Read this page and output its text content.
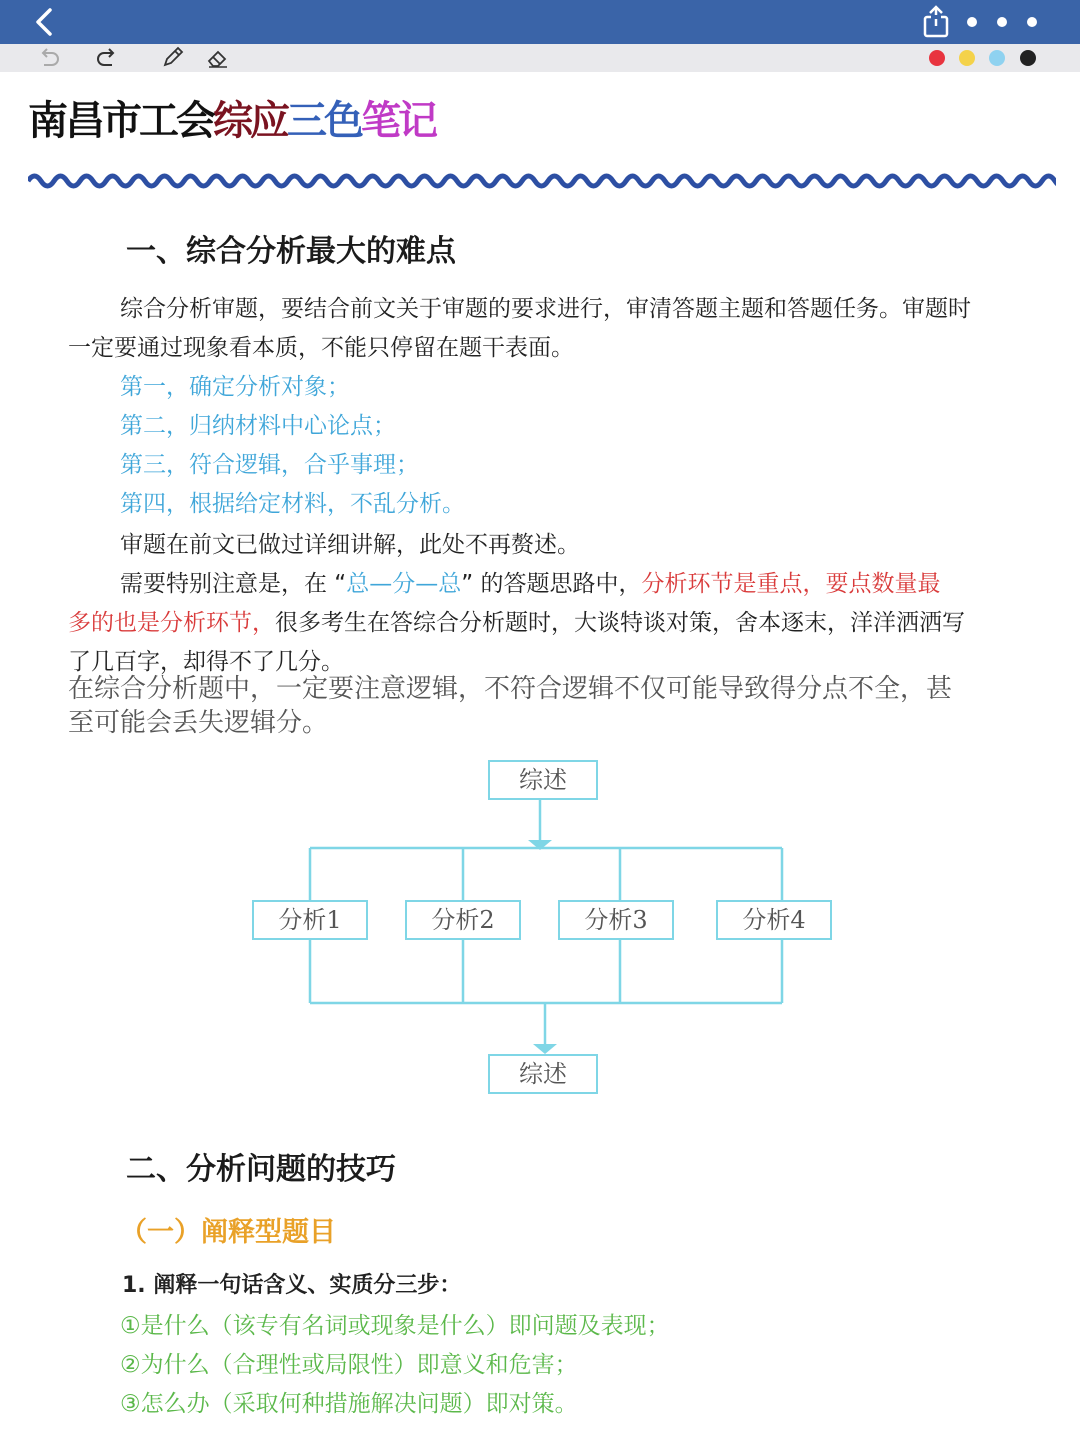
南昌市工会综应三色笔记
一、综合分析最大的难点
综合分析审题，要结合前文关于审题的要求进行，审清答题主题和答题任务。审题时
一定要通过现象看本质，不能只停留在题干表面。
第一，确定分析对象；
第二，归纳材料中心论点；
第三，符合逻辑，合乎事理；
第四，根据给定材料，不乱分析。
审题在前文已做过详细讲解，此处不再赘述。
需要特别注意是，在 “总—分—总” 的答题思路中，分析环节是重点，要点数量最
多的也是分析环节，很多考生在答综合分析题时，大谈特谈对策，舍本逐末，洋洋洒洒写
了几百字，却得不了几分。
在综合分析题中，一定要注意逻辑，不符合逻辑不仅可能导致得分点不全，甚
至可能会丢失逻辑分。
综述
分析1	分析2	分析3	分析4
综述
二、分析问题的技巧
（一）阐释型题目
1. 阐释一句话含义、实质分三步：
①是什么（该专有名词或现象是什么）即问题及表现；
②为什么（合理性或局限性）即意义和危害；
③怎么办（采取何种措施解决问题）即对策。
